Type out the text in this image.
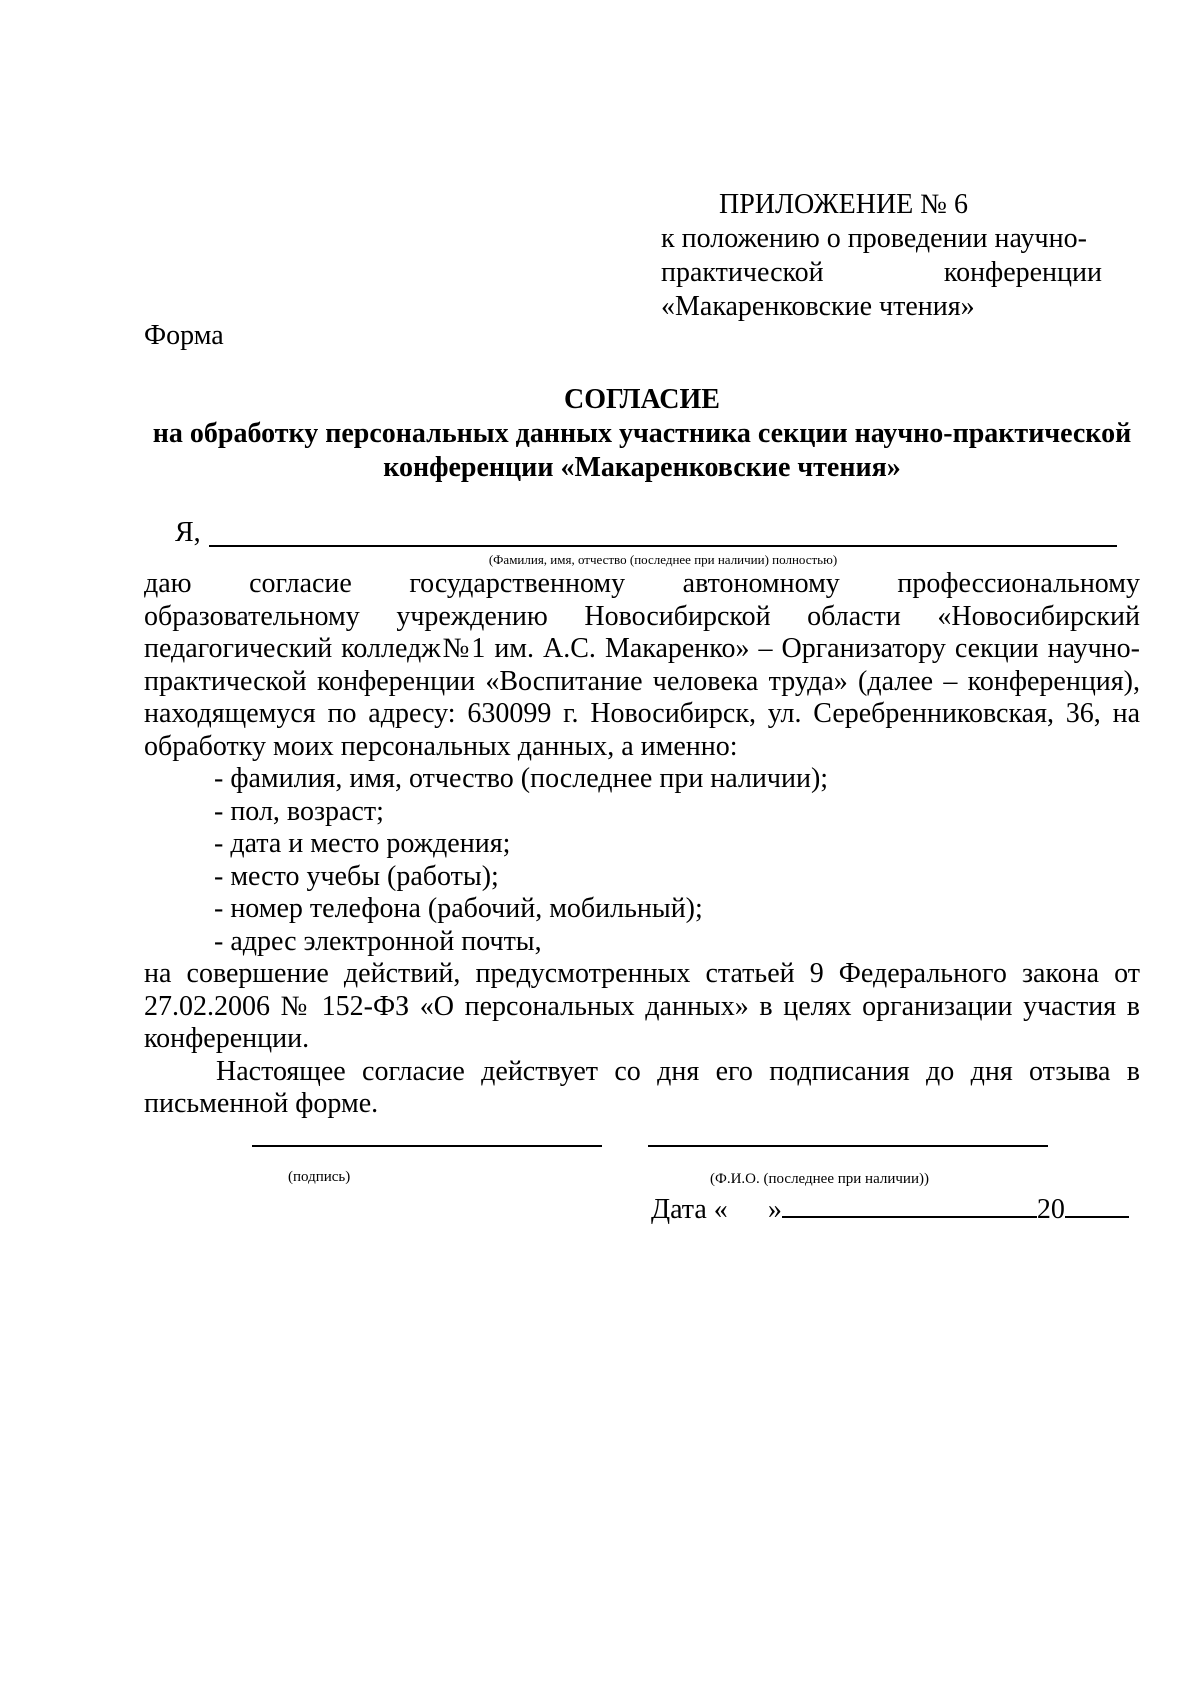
ПРИЛОЖЕНИЕ № 6
к положению о проведении научно-
практической конференции
«Макаренковские чтения»
Форма
СОГЛАСИЕ
на обработку персональных данных участника секции научно-практической
конференции «Макаренковские чтения»
Я,
(Фамилия, имя, отчество (последнее при наличии) полностью)

даю согласие государственному автономному профессиональному образовательному учреждению Новосибирской области «Новосибирский педагогический колледж№1 им. А.С. Макаренко» – Организатору секции научно-практической конференции «Воспитание человека труда» (далее – конференция), находящемуся по адресу: 630099 г. Новосибирск, ул. Серебренниковская, 36, на обработку моих персональных данных, а именно:

- фамилия, имя, отчество (последнее при наличии);
- пол, возраст;
- дата и место рождения;
- место учебы (работы);
- номер телефона (рабочий, мобильный);
- адрес электронной почты,

на совершение действий, предусмотренных статьей 9 Федерального закона от 27.02.2006 № 152-ФЗ «О персональных данных» в целях организации участия в конференции.

Настоящее согласие действует со дня его подписания до дня отзыва в письменной форме.

(подпись)	(Ф.И.О. (последнее при наличии))
Дата « »	20
